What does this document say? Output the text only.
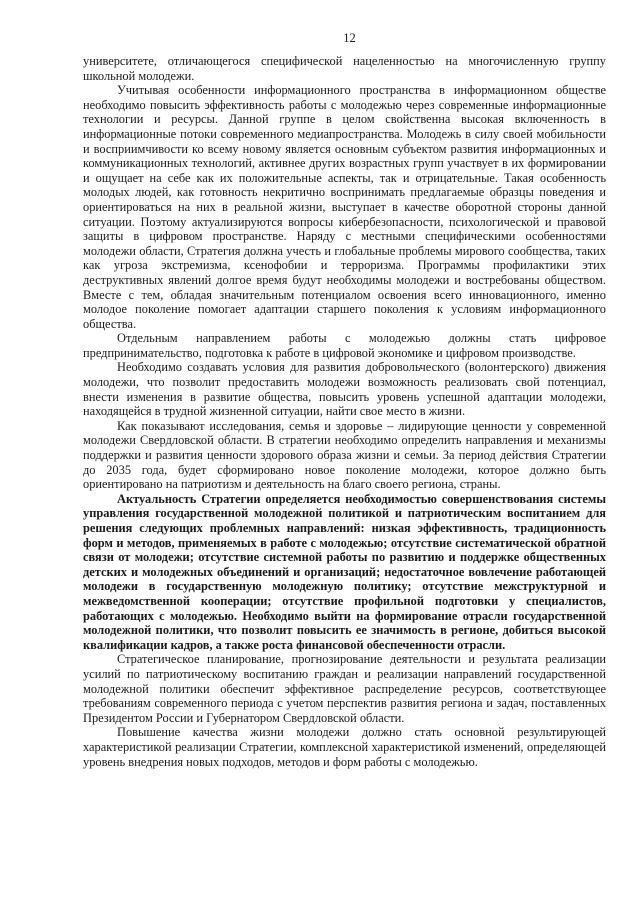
12

университете, отличающегося специфической нацеленностью на многочисленную группу школьной молодежи.

Учитывая особенности информационного пространства в информационном обществе необходимо повысить эффективность работы с молодежью через современные информационные технологии и ресурсы. Данной группе в целом свойственна высокая включенность в информационные потоки современного медиапространства. Молодежь в силу своей мобильности и восприимчивости ко всему новому является основным субъектом развития информационных и коммуникационных технологий, активнее других возрастных групп участвует в их формировании и ощущает на себе как их положительные аспекты, так и отрицательные. Такая особенность молодых людей, как готовность некритично воспринимать предлагаемые образцы поведения и ориентироваться на них в реальной жизни, выступает в качестве оборотной стороны данной ситуации. Поэтому актуализируются вопросы кибербезопасности, психологической и правовой защиты в цифровом пространстве. Наряду с местными специфическими особенностями молодежи области, Стратегия должна учесть и глобальные проблемы мирового сообщества, таких как угроза экстремизма, ксенофобии и терроризма. Программы профилактики этих деструктивных явлений долгое время будут необходимы молодежи и востребованы обществом. Вместе с тем, обладая значительным потенциалом освоения всего инновационного, именно молодое поколение помогает адаптации старшего поколения к условиям информационного общества.

Отдельным направлением работы с молодежью должны стать цифровое предпринимательство, подготовка к работе в цифровой экономике и цифровом производстве.

Необходимо создавать условия для развития добровольческого (волонтерского) движения молодежи, что позволит предоставить молодежи возможность реализовать свой потенциал, внести изменения в развитие общества, повысить уровень успешной адаптации молодежи, находящейся в трудной жизненной ситуации, найти свое место в жизни.

Как показывают исследования, семья и здоровье – лидирующие ценности у современной молодежи Свердловской области. В стратегии необходимо определить направления и механизмы поддержки и развития ценности здорового образа жизни и семьи. За период действия Стратегии до 2035 года, будет сформировано новое поколение молодежи, которое должно быть ориентировано на патриотизм и деятельность на благо своего региона, страны.

Актуальность Стратегии определяется необходимостью совершенствования системы управления государственной молодежной политикой и патриотическим воспитанием для решения следующих проблемных направлений: низкая эффективность, традиционность форм и методов, применяемых в работе с молодежью; отсутствие систематической обратной связи от молодежи; отсутствие системной работы по развитию и поддержке общественных детских и молодежных объединений и организаций; недостаточное вовлечение работающей молодежи в государственную молодежную политику; отсутствие межструктурной и межведомственной кооперации; отсутствие профильной подготовки у специалистов, работающих с молодежью. Необходимо выйти на формирование отрасли государственной молодежной политики, что позволит повысить ее значимость в регионе, добиться высокой квалификации кадров, а также роста финансовой обеспеченности отрасли.

Стратегическое планирование, прогнозирование деятельности и результата реализации усилий по патриотическому воспитанию граждан и реализации направлений государственной молодежной политики обеспечит эффективное распределение ресурсов, соответствующее требованиям современного периода с учетом перспектив развития региона и задач, поставленных Президентом России и Губернатором Свердловской области.

Повышение качества жизни молодежи должно стать основной результирующей характеристикой реализации Стратегии, комплексной характеристикой изменений, определяющей уровень внедрения новых подходов, методов и форм работы с молодежью.
